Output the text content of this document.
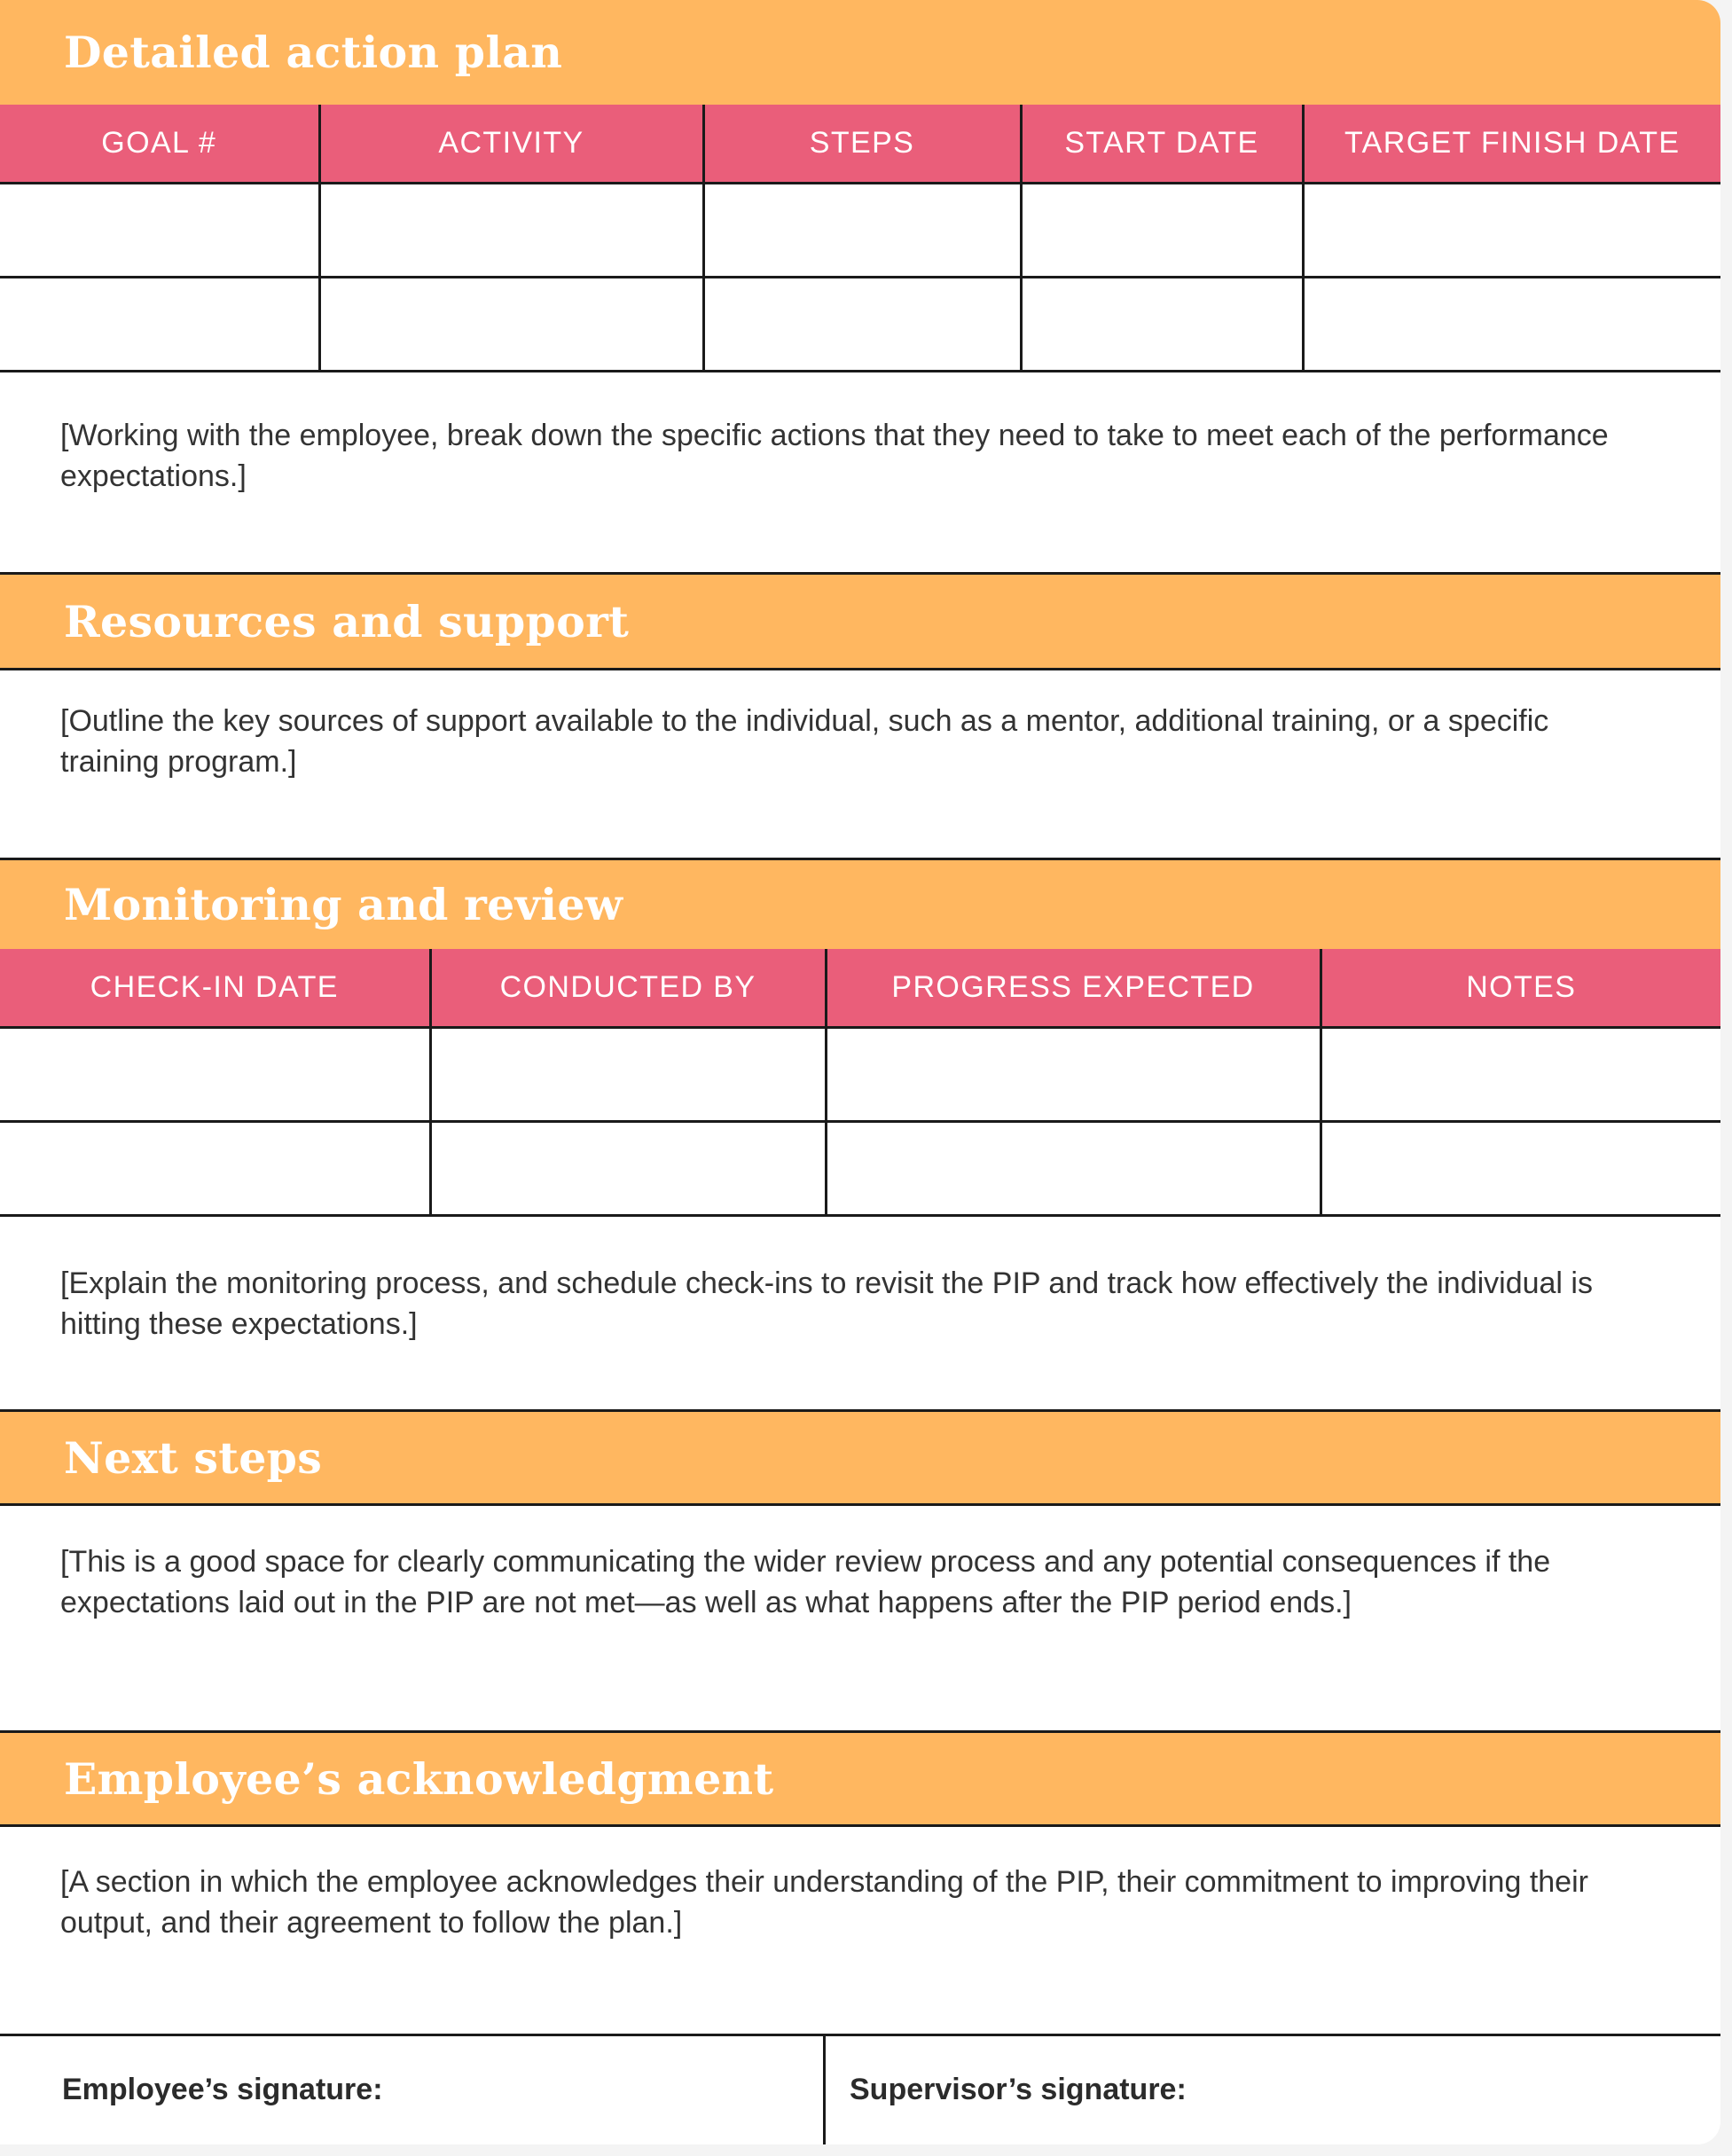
Detailed action plan
GOAL #	ACTIVITY	STEPS	START DATE	TARGET FINISH DATE

[Working with the employee, break down the specific actions that they need to take to meet each of the performance expectations.]
Resources and support
[Outline the key sources of support available to the individual, such as a mentor, additional training, or a specific training program.]
Monitoring and review
CHECK-IN DATE	CONDUCTED BY	PROGRESS EXPECTED	NOTES

[Explain the monitoring process, and schedule check-ins to revisit the PIP and track how effectively the individual is hitting these expectations.]
Next steps
[This is a good space for clearly communicating the wider review process and any potential consequences if the expectations laid out in the PIP are not met—as well as what happens after the PIP period ends.]
Employee’s acknowledgment
[A section in which the employee acknowledges their understanding of the PIP, their commitment to improving their output, and their agreement to follow the plan.]
Employee’s signature:	Supervisor’s signature:
